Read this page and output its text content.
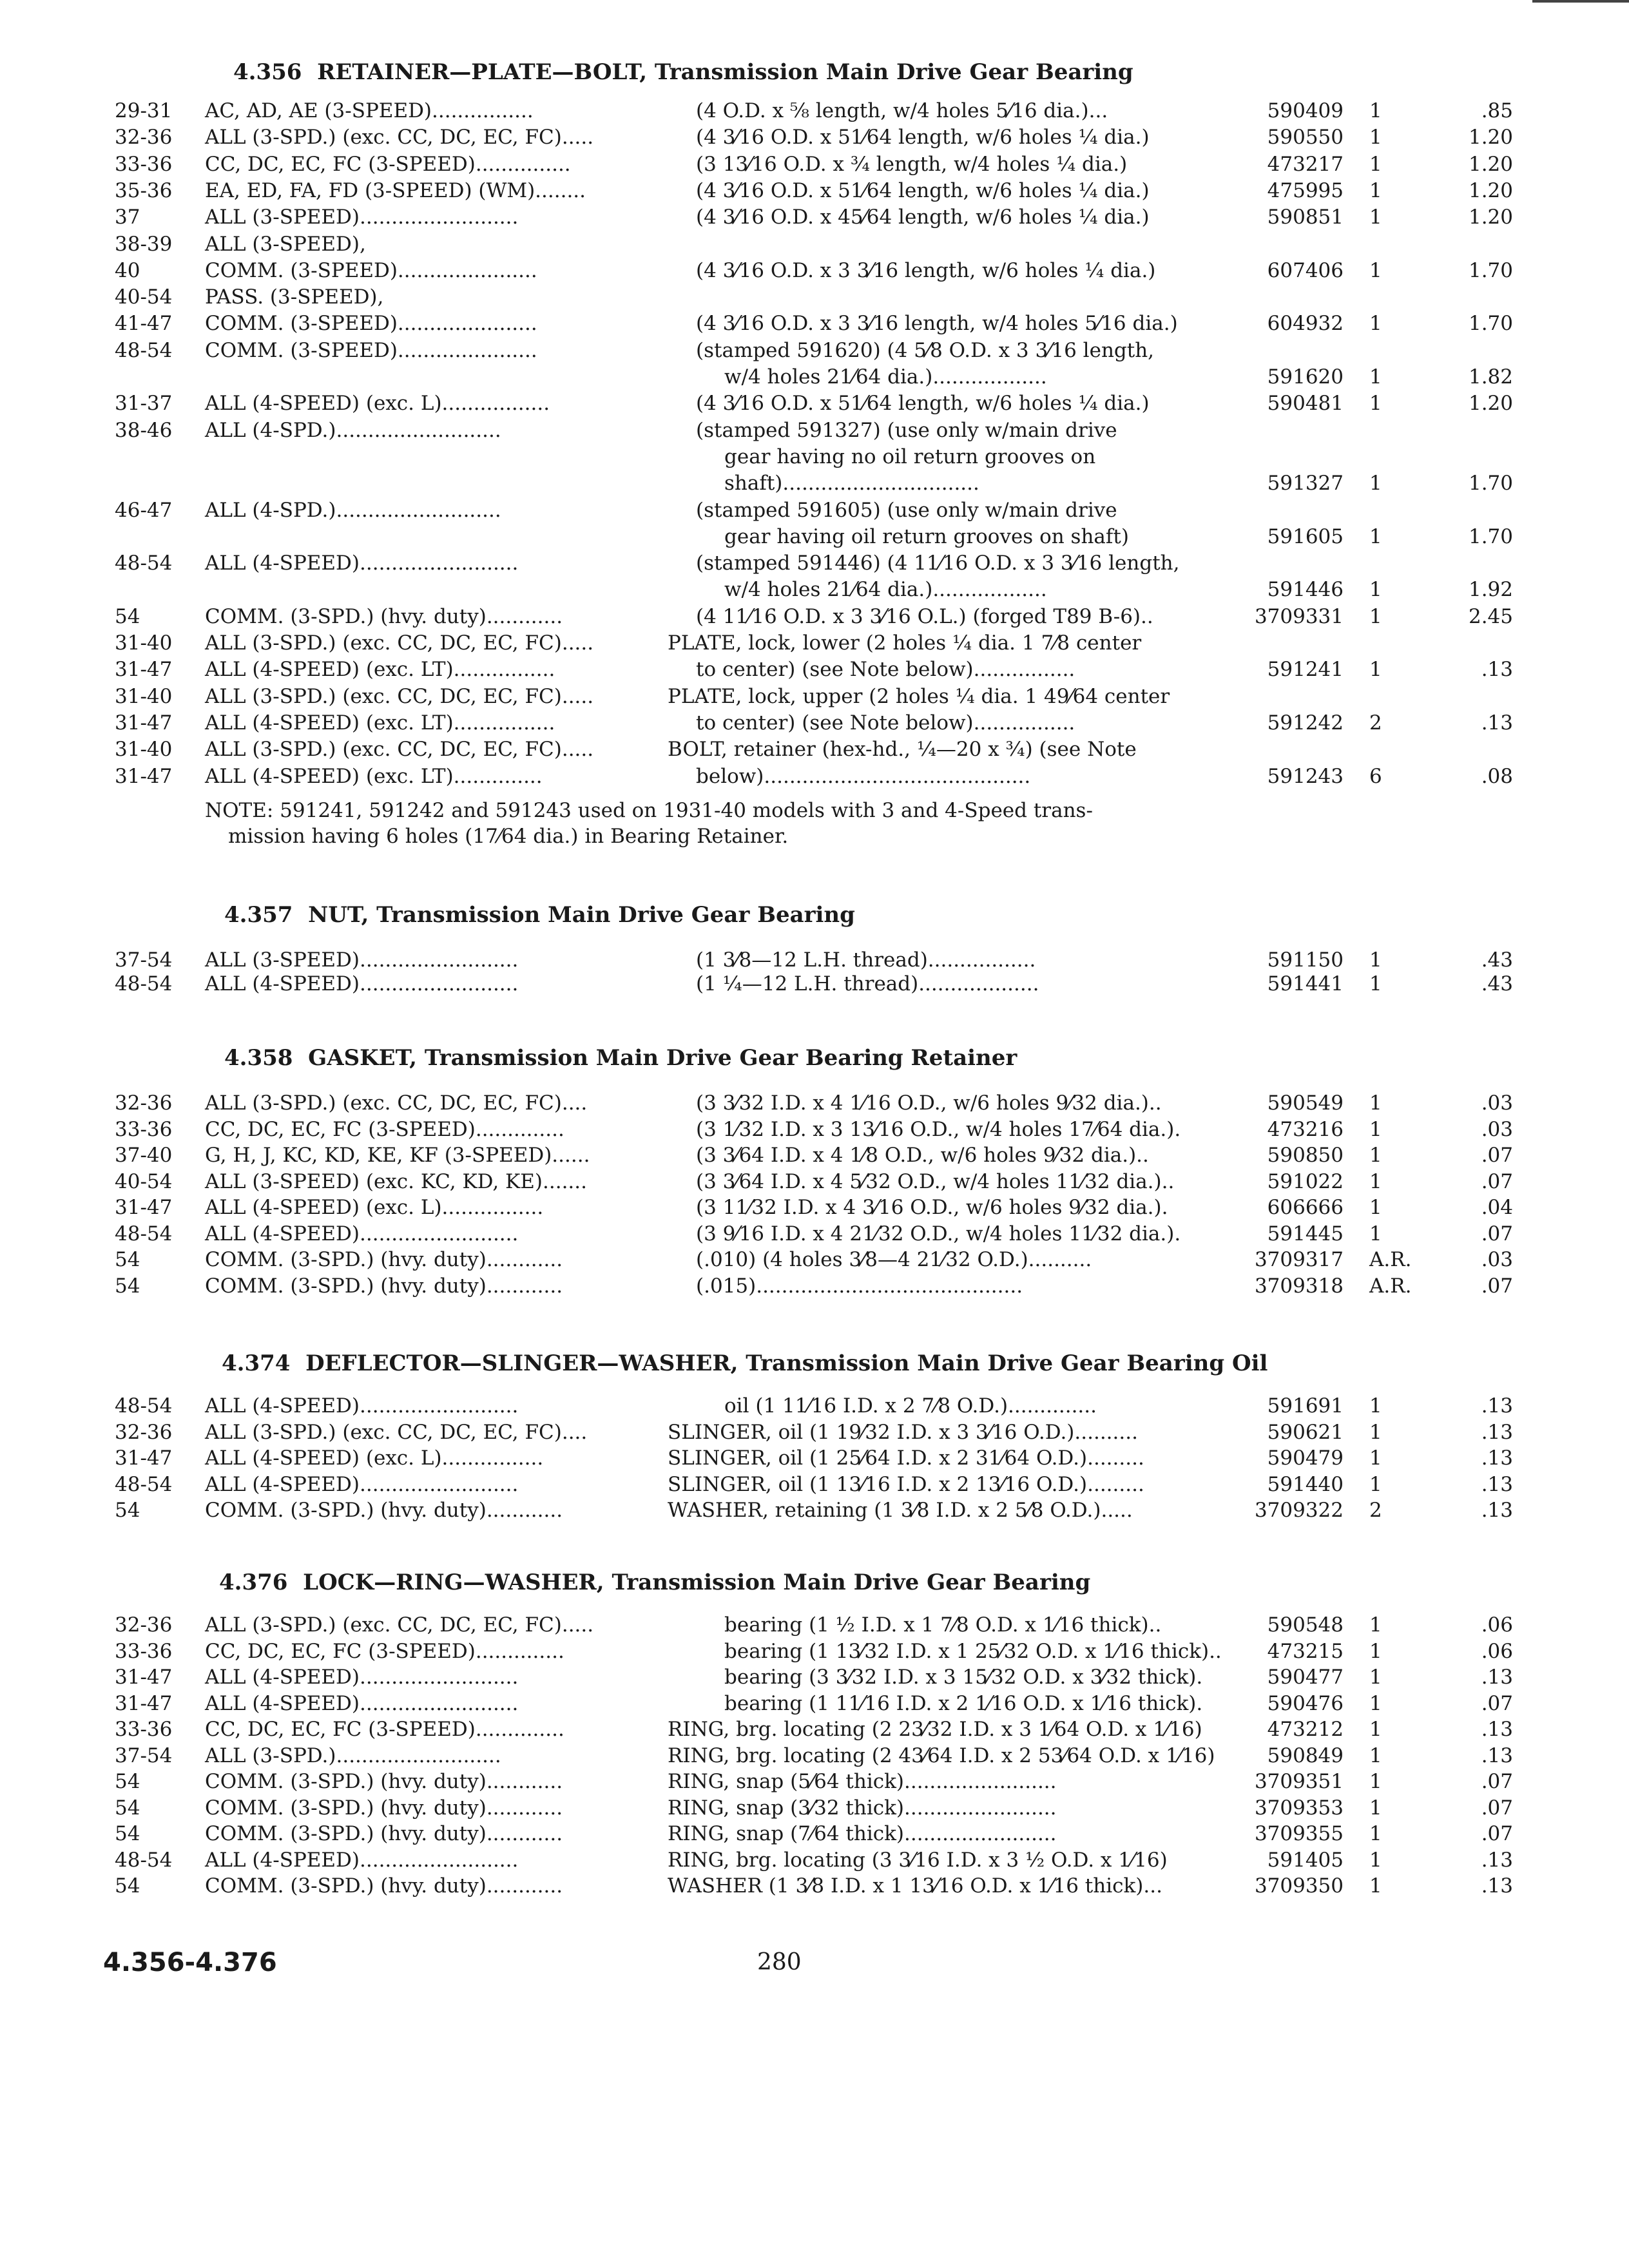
4.356 RETAINER—PLATE—BOLT, Transmission Main Drive Gear Bearing
29-31 AC, AD, AE (3-SPEED)................	(4 O.D. x ⅝ length, w/4 holes 5⁄16 dia.)...	590409 1	.85
32-36 ALL (3-SPD.) (exc. CC, DC, EC, FC).....	(4 3⁄16 O.D. x 51⁄64 length, w/6 holes ¼ dia.)	590550 1	1.20
33-36 CC, DC, EC, FC (3-SPEED)...............	(3 13⁄16 O.D. x ¾ length, w/4 holes ¼ dia.)	473217 1	1.20
35-36 EA, ED, FA, FD (3-SPEED) (WM)........	(4 3⁄16 O.D. x 51⁄64 length, w/6 holes ¼ dia.)	475995 1	1.20
37	ALL (3-SPEED).........................	(4 3⁄16 O.D. x 45⁄64 length, w/6 holes ¼ dia.)	590851 1	1.20
38-39 ALL (3-SPEED),
40	COMM. (3-SPEED)......................	(4 3⁄16 O.D. x 3 3⁄16 length, w/6 holes ¼ dia.)	607406 1	1.70
40-54 PASS. (3-SPEED),
41-47 COMM. (3-SPEED)......................	(4 3⁄16 O.D. x 3 3⁄16 length, w/4 holes 5⁄16 dia.)	604932 1	1.70
48-54 COMM. (3-SPEED)......................	(stamped 591620) (4 5⁄8 O.D. x 3 3⁄16 length,
w/4 holes 21⁄64 dia.)..................	591620 1	1.82
31-37 ALL (4-SPEED) (exc. L).................	(4 3⁄16 O.D. x 51⁄64 length, w/6 holes ¼ dia.)	590481 1	1.20
38-46 ALL (4-SPD.)..........................	(stamped 591327) (use only w/main drive
gear having no oil return grooves on
shaft)...............................	591327 1	1.70
46-47 ALL (4-SPD.)..........................	(stamped 591605) (use only w/main drive
gear having oil return grooves on shaft)	591605 1	1.70
48-54 ALL (4-SPEED).........................	(stamped 591446) (4 11⁄16 O.D. x 3 3⁄16 length,
w/4 holes 21⁄64 dia.)..................	591446 1	1.92
54	COMM. (3-SPD.) (hvy. duty)............	(4 11⁄16 O.D. x 3 3⁄16 O.L.) (forged T89 B-6)..	3709331 1	2.45
31-40 ALL (3-SPD.) (exc. CC, DC, EC, FC).....	PLATE, lock, lower (2 holes ¼ dia. 1 7⁄8 center
31-47 ALL (4-SPEED) (exc. LT)................	to center) (see Note below)................	591241 1	.13
31-40 ALL (3-SPD.) (exc. CC, DC, EC, FC).....	PLATE, lock, upper (2 holes ¼ dia. 1 49⁄64 center
31-47 ALL (4-SPEED) (exc. LT)................	to center) (see Note below)................	591242 2	.13
31-40 ALL (3-SPD.) (exc. CC, DC, EC, FC).....	BOLT, retainer (hex-hd., ¼—20 x ¾) (see Note
31-47 ALL (4-SPEED) (exc. LT)..............	below)..........................................	591243 6	.08
NOTE: 591241, 591242 and 591243 used on 1931-40 models with 3 and 4-Speed trans-
mission having 6 holes (17⁄64 dia.) in Bearing Retainer.
4.357 NUT, Transmission Main Drive Gear Bearing
37-54 ALL (3-SPEED).........................	(1 3⁄8—12 L.H. thread).................	591150 1	.43
48-54 ALL (4-SPEED).........................	(1 ¼—12 L.H. thread)...................	591441 1	.43
4.358 GASKET, Transmission Main Drive Gear Bearing Retainer
32-36 ALL (3-SPD.) (exc. CC, DC, EC, FC)....	(3 3⁄32 I.D. x 4 1⁄16 O.D., w/6 holes 9⁄32 dia.)..	590549 1	.03
33-36 CC, DC, EC, FC (3-SPEED)..............	(3 1⁄32 I.D. x 3 13⁄16 O.D., w/4 holes 17⁄64 dia.).	473216 1	.03
37-40 G, H, J, KC, KD, KE, KF (3-SPEED)......	(3 3⁄64 I.D. x 4 1⁄8 O.D., w/6 holes 9⁄32 dia.)..	590850 1	.07
40-54 ALL (3-SPEED) (exc. KC, KD, KE).......	(3 3⁄64 I.D. x 4 5⁄32 O.D., w/4 holes 11⁄32 dia.)..	591022 1	.07
31-47 ALL (4-SPEED) (exc. L)................	(3 11⁄32 I.D. x 4 3⁄16 O.D., w/6 holes 9⁄32 dia.).	606666 1	.04
48-54 ALL (4-SPEED).........................	(3 9⁄16 I.D. x 4 21⁄32 O.D., w/4 holes 11⁄32 dia.).	591445 1	.07
54	COMM. (3-SPD.) (hvy. duty)............	(.010) (4 holes 3⁄8—4 21⁄32 O.D.)..........	3709317 A.R.	.03
54	COMM. (3-SPD.) (hvy. duty)............	(.015)..........................................	3709318 A.R.	.07
4.374 DEFLECTOR—SLINGER—WASHER, Transmission Main Drive Gear Bearing Oil
48-54 ALL (4-SPEED).........................	oil (1 11⁄16 I.D. x 2 7⁄8 O.D.)..............	591691 1	.13
32-36 ALL (3-SPD.) (exc. CC, DC, EC, FC)....	SLINGER, oil (1 19⁄32 I.D. x 3 3⁄16 O.D.)..........	590621 1	.13
31-47 ALL (4-SPEED) (exc. L)................	SLINGER, oil (1 25⁄64 I.D. x 2 31⁄64 O.D.).........	590479 1	.13
48-54 ALL (4-SPEED).........................	SLINGER, oil (1 13⁄16 I.D. x 2 13⁄16 O.D.).........	591440 1	.13
54	COMM. (3-SPD.) (hvy. duty)............	WASHER, retaining (1 3⁄8 I.D. x 2 5⁄8 O.D.).....	3709322 2	.13
4.376 LOCK—RING—WASHER, Transmission Main Drive Gear Bearing
32-36 ALL (3-SPD.) (exc. CC, DC, EC, FC).....	bearing (1 ½ I.D. x 1 7⁄8 O.D. x 1⁄16 thick)..	590548 1	.06
33-36 CC, DC, EC, FC (3-SPEED)..............	bearing (1 13⁄32 I.D. x 1 25⁄32 O.D. x 1⁄16 thick)..	473215 1	.06
31-47 ALL (4-SPEED).........................	bearing (3 3⁄32 I.D. x 3 15⁄32 O.D. x 3⁄32 thick).	590477 1	.13
31-47 ALL (4-SPEED).........................	bearing (1 11⁄16 I.D. x 2 1⁄16 O.D. x 1⁄16 thick).	590476 1	.07
33-36 CC, DC, EC, FC (3-SPEED)..............	RING, brg. locating (2 23⁄32 I.D. x 3 1⁄64 O.D. x 1⁄16)	473212 1	.13
37-54 ALL (3-SPD.)..........................	RING, brg. locating (2 43⁄64 I.D. x 2 53⁄64 O.D. x 1⁄16)	590849 1	.13
54	COMM. (3-SPD.) (hvy. duty)............	RING, snap (5⁄64 thick)........................	3709351 1	.07
54	COMM. (3-SPD.) (hvy. duty)............	RING, snap (3⁄32 thick)........................	3709353 1	.07
54	COMM. (3-SPD.) (hvy. duty)............	RING, snap (7⁄64 thick)........................	3709355 1	.07
48-54 ALL (4-SPEED).........................	RING, brg. locating (3 3⁄16 I.D. x 3 ½ O.D. x 1⁄16)	591405 1	.13
54	COMM. (3-SPD.) (hvy. duty)............	WASHER (1 3⁄8 I.D. x 1 13⁄16 O.D. x 1⁄16 thick)...	3709350 1	.13
4.356-4.376	280
